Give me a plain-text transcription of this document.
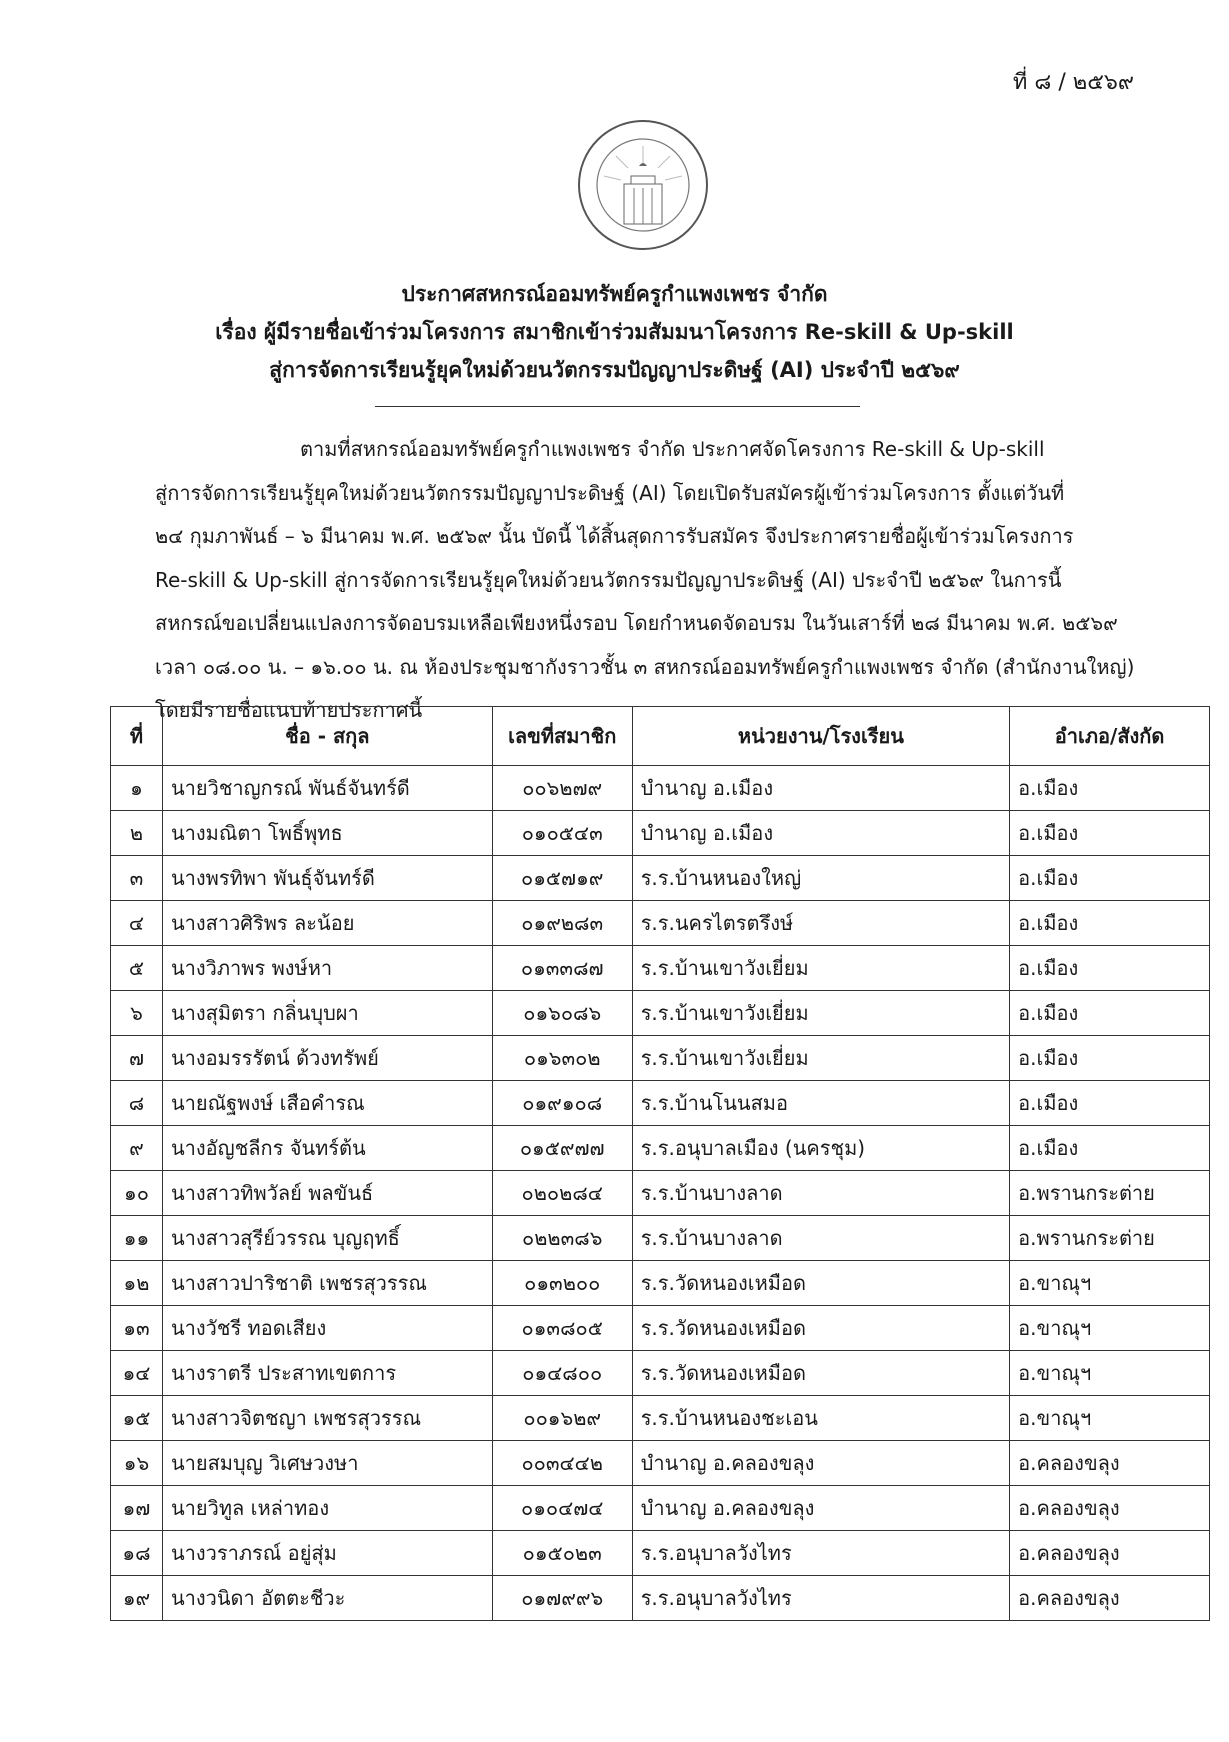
ที่ ๘ / ๒๕๖๙
ประกาศสหกรณ์ออมทรัพย์ครูกำแพงเพชร จำกัด
เรื่อง ผู้มีรายชื่อเข้าร่วมโครงการ สมาชิกเข้าร่วมสัมมนาโครงการ Re-skill & Up-skill
สู่การจัดการเรียนรู้ยุคใหม่ด้วยนวัตกรรมปัญญาประดิษฐ์ (AI) ประจำปี ๒๕๖๙
ตามที่สหกรณ์ออมทรัพย์ครูกำแพงเพชร จำกัด ประกาศจัดโครงการ Re-skill & Up-skill
สู่การจัดการเรียนรู้ยุคใหม่ด้วยนวัตกรรมปัญญาประดิษฐ์ (AI) โดยเปิดรับสมัครผู้เข้าร่วมโครงการ ตั้งแต่วันที่
๒๔ กุมภาพันธ์ – ๖ มีนาคม พ.ศ. ๒๕๖๙ นั้น บัดนี้ ได้สิ้นสุดการรับสมัคร จึงประกาศรายชื่อผู้เข้าร่วมโครงการ
Re-skill & Up-skill สู่การจัดการเรียนรู้ยุคใหม่ด้วยนวัตกรรมปัญญาประดิษฐ์ (AI) ประจำปี ๒๕๖๙ ในการนี้
สหกรณ์ขอเปลี่ยนแปลงการจัดอบรมเหลือเพียงหนึ่งรอบ โดยกำหนดจัดอบรม ในวันเสาร์ที่ ๒๘ มีนาคม พ.ศ. ๒๕๖๙
เวลา ๐๘.๐๐ น. – ๑๖.๐๐ น. ณ ห้องประชุมชากังราวชั้น ๓ สหกรณ์ออมทรัพย์ครูกำแพงเพชร จำกัด (สำนักงานใหญ่)
โดยมีรายชื่อแนบท้ายประกาศนี้
ที่	ชื่อ - สกุล	เลขที่สมาชิก	หน่วยงาน/โรงเรียน	อำเภอ/สังกัด
๑	นายวิชาญกรณ์ พันธ์จันทร์ดี	๐๐๖๒๗๙	บำนาญ อ.เมือง	อ.เมือง
๒	นางมณิตา โพธิ์พุทธ	๐๑๐๕๔๓	บำนาญ อ.เมือง	อ.เมือง
๓	นางพรทิพา พันธุ์จันทร์ดี	๐๑๕๗๑๙	ร.ร.บ้านหนองใหญ่	อ.เมือง
๔	นางสาวศิริพร ละน้อย	๐๑๙๒๘๓	ร.ร.นครไตรตรึงษ์	อ.เมือง
๕	นางวิภาพร พงษ์หา	๐๑๓๓๘๗	ร.ร.บ้านเขาวังเยี่ยม	อ.เมือง
๖	นางสุมิตรา กลิ่นบุบผา	๐๑๖๐๘๖	ร.ร.บ้านเขาวังเยี่ยม	อ.เมือง
๗	นางอมรรรัตน์ ด้วงทรัพย์	๐๑๖๓๐๒	ร.ร.บ้านเขาวังเยี่ยม	อ.เมือง
๘	นายณัฐพงษ์ เสือคำรณ	๐๑๙๑๐๘	ร.ร.บ้านโนนสมอ	อ.เมือง
๙	นางอัญชลีกร จันทร์ต้น	๐๑๕๙๗๗	ร.ร.อนุบาลเมือง (นครชุม)	อ.เมือง
๑๐	นางสาวทิพวัลย์ พลขันธ์	๐๒๐๒๘๔	ร.ร.บ้านบางลาด	อ.พรานกระต่าย
๑๑	นางสาวสุรีย์วรรณ บุญฤทธิ์	๐๒๒๓๘๖	ร.ร.บ้านบางลาด	อ.พรานกระต่าย
๑๒	นางสาวปาริชาติ เพชรสุวรรณ	๐๑๓๒๐๐	ร.ร.วัดหนองเหมือด	อ.ขาณุฯ
๑๓	นางวัชรี ทอดเสียง	๐๑๓๘๐๕	ร.ร.วัดหนองเหมือด	อ.ขาณุฯ
๑๔	นางราตรี ประสาทเขตการ	๐๑๔๘๐๐	ร.ร.วัดหนองเหมือด	อ.ขาณุฯ
๑๕	นางสาวจิตชญา เพชรสุวรรณ	๐๐๑๖๒๙	ร.ร.บ้านหนองชะเอน	อ.ขาณุฯ
๑๖	นายสมบุญ วิเศษวงษา	๐๐๓๔๔๒	บำนาญ อ.คลองขลุง	อ.คลองขลุง
๑๗	นายวิทูล เหล่าทอง	๐๑๐๔๗๔	บำนาญ อ.คลองขลุง	อ.คลองขลุง
๑๘	นางวราภรณ์ อยู่สุ่ม	๐๑๕๐๒๓	ร.ร.อนุบาลวังไทร	อ.คลองขลุง
๑๙	นางวนิดา อัตตะชีวะ	๐๑๗๙๙๖	ร.ร.อนุบาลวังไทร	อ.คลองขลุง
